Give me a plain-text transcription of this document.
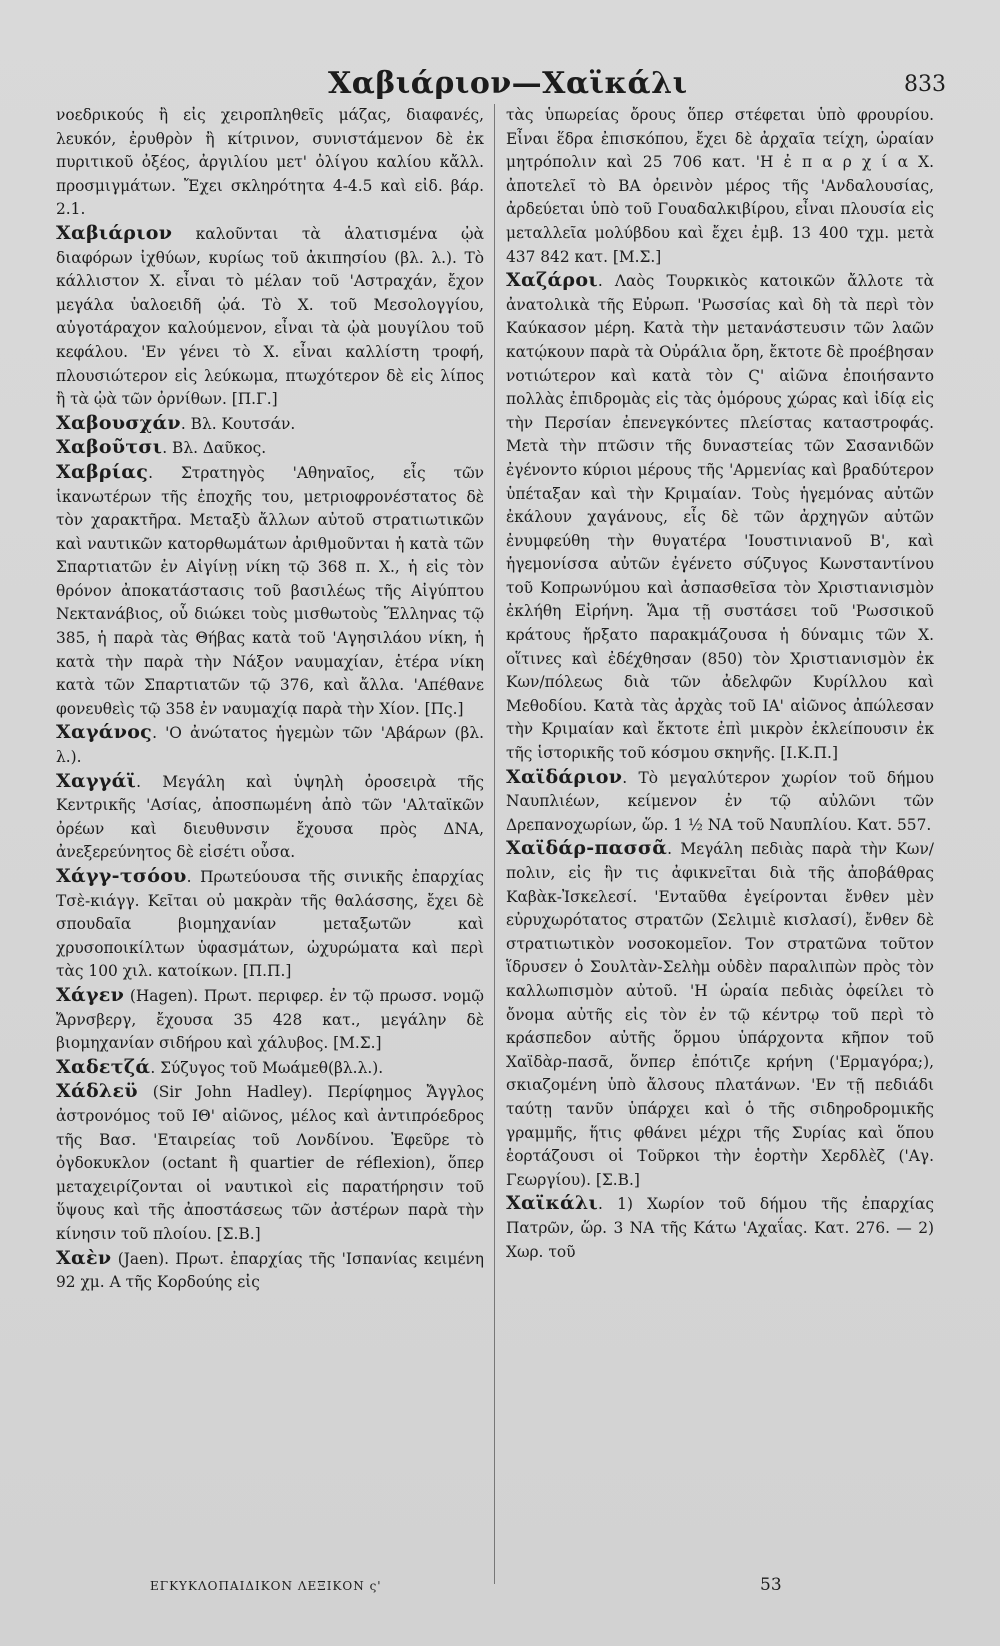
Χαβιάριον—Χαϊκάλι	833

νοεδρικούς ἢ εἰς χειροπληθεῖς μάζας, διαφανές, λευκόν, ἐρυθρὸν ἢ κίτρινον, συνιστάμενον δὲ ἐκ πυριτικοῦ ὀξέος, ἀργιλίου μετ' ὀλίγου καλίου κἄλλ. προσμιγμάτων. Ἔχει σκληρότητα 4-4.5 καὶ εἰδ. βάρ. 2.1.

Χαβιάριον καλοῦνται τὰ ἁλατισμένα ᾠὰ διαφόρων ἰχθύων, κυρίως τοῦ ἀκιπησίου (βλ. λ.). Τὸ κάλλιστον Χ. εἶναι τὸ μέλαν τοῦ 'Αστραχάν, ἔχον μεγάλα ὑαλοειδῆ ᾠά. Τὸ Χ. τοῦ Μεσολογγίου, αὐγοτάραχον καλούμενον, εἶναι τὰ ᾠὰ μουγίλου τοῦ κεφάλου. 'Εν γένει τὸ Χ. εἶναι καλλίστη τροφή, πλουσιώτερον εἰς λεύκωμα, πτωχότερον δὲ εἰς λίπος ἢ τὰ ᾠὰ τῶν ὀρνίθων. [Π.Γ.]

Χαβουσχάν. Βλ. Κουτσάν.

Χαβοῦτσι. Βλ. Δαῦκος.

Χαβρίας. Στρατηγὸς 'Αθηναῖος, εἷς τῶν ἱκανωτέρων τῆς ἐποχῆς του, μετριοφρονέστατος δὲ τὸν χαρακτῆρα. Μεταξὺ ἄλλων αὐτοῦ στρατιωτικῶν καὶ ναυτικῶν κατορθωμάτων ἀριθμοῦνται ἡ κατὰ τῶν Σπαρτιατῶν ἐν Αἰγίνῃ νίκη τῷ 368 π. Χ., ἡ εἰς τὸν θρόνον ἀποκατάστασις τοῦ βασιλέως τῆς Αἰγύπτου Νεκτανάβιος, οὗ διώκει τοὺς μισθωτοὺς Ἕλληνας τῷ 385, ἡ παρὰ τὰς Θήβας κατὰ τοῦ 'Αγησιλάου νίκη, ἡ κατὰ τὴν παρὰ τὴν Νάξον ναυμαχίαν, ἑτέρα νίκη κατὰ τῶν Σπαρτιατῶν τῷ 376, καὶ ἄλλα. 'Απέθανε φονευθεὶς τῷ 358 ἐν ναυμαχίᾳ παρὰ τὴν Χίον. [Πς.]

Χαγάνος. 'Ο ἀνώτατος ἡγεμὼν τῶν 'Αβάρων (βλ. λ.).

Χαγγάϊ. Μεγάλη καὶ ὑψηλὴ ὀροσειρὰ τῆς Κεντρικῆς 'Ασίας, ἀποσπωμένη ἀπὸ τῶν 'Αλταϊκῶν ὀρέων καὶ διευθυνσιν ἔχουσα πρὸς ΔΝΑ, ἀνεξερεύνητος δὲ εἰσέτι οὖσα.

Χάγγ-τσόου. Πρωτεύουσα τῆς σινικῆς ἐπαρχίας Τσὲ-κιάγγ. Κεῖται οὐ μακρὰν τῆς θαλάσσης, ἔχει δὲ σπουδαῖα βιομηχανίαν μεταξωτῶν καὶ χρυσοποικίλτων ὑφασμάτων, ὠχυρώματα καὶ περὶ τὰς 100 χιλ. κατοίκων. [Π.Π.]

Χάγεν (Hagen). Πρωτ. περιφερ. ἐν τῷ πρωσσ. νομῷ Ἄρνσβεργ, ἔχουσα 35 428 κατ., μεγάλην δὲ βιομηχανίαν σιδήρου καὶ χάλυβος. [Μ.Σ.]

Χαδετζά. Σύζυγος τοῦ Μωάμεθ(βλ.λ.).

Χάδλεϋ (Sir John Hadley). Περίφημος Ἄγγλος ἀστρονόμος τοῦ ΙΘ' αἰῶνος, μέλος καὶ ἀντιπρόεδρος τῆς Βασ. 'Εταιρείας τοῦ Λονδίνου. Ἐφεῦρε τὸ ὀγδοκυκλον (octant ἢ quartier de réflexion), ὅπερ μεταχειρίζονται οἱ ναυτικοὶ εἰς παρατήρησιν τοῦ ὕψους καὶ τῆς ἀποστάσεως τῶν ἀστέρων παρὰ τὴν κίνησιν τοῦ πλοίου. [Σ.Β.]

Χαὲν (Jaen). Πρωτ. ἐπαρχίας τῆς 'Ισπανίας κειμένη 92 χμ. Α τῆς Κορδούης εἰς

τὰς ὑπωρείας ὄρους ὅπερ στέφεται ὑπὸ φρουρίου. Εἶναι ἕδρα ἐπισκόπου, ἔχει δὲ ἀρχαῖα τείχη, ὡραίαν μητρόπολιν καὶ 25 706 κατ. 'Η ἐ π α ρ χ ί α Χ. ἀποτελεῖ τὸ ΒΑ ὀρεινὸν μέρος τῆς 'Ανδαλουσίας, ἀρδεύεται ὑπὸ τοῦ Γουαδαλκιβίρου, εἶναι πλουσία εἰς μεταλλεῖα μολύβδου καὶ ἔχει ἐμβ. 13 400 τχμ. μετὰ 437 842 κατ. [Μ.Σ.]

Χαζάροι. Λαὸς Τουρκικὸς κατοικῶν ἄλλοτε τὰ ἀνατολικὰ τῆς Εὐρωπ. 'Ρωσσίας καὶ δὴ τὰ περὶ τὸν Καύκασον μέρη. Κατὰ τὴν μετανάστευσιν τῶν λαῶν κατῴκουν παρὰ τὰ Οὐράλια ὄρη, ἔκτοτε δὲ προέβησαν νοτιώτερον καὶ κατὰ τὸν Ϛ' αἰῶνα ἐποιήσαντο πολλὰς ἐπιδρομὰς εἰς τὰς ὁμόρους χώρας καὶ ἰδίᾳ εἰς τὴν Περσίαν ἐπενεγκόντες πλείστας καταστροφάς. Μετὰ τὴν πτῶσιν τῆς δυναστείας τῶν Σασανιδῶν ἐγένοντο κύριοι μέρους τῆς 'Αρμενίας καὶ βραδύτερον ὑπέταξαν καὶ τὴν Κριμαίαν. Τοὺς ἡγεμόνας αὐτῶν ἐκάλουν χαγάνους, εἷς δὲ τῶν ἀρχηγῶν αὐτῶν ἐνυμφεύθη τὴν θυγατέρα 'Ιουστινιανοῦ Β', καὶ ἡγεμονίσσα αὐτῶν ἐγένετο σύζυγος Κωνσταντίνου τοῦ Κοπρωνύμου καὶ ἀσπασθεῖσα τὸν Χριστιανισμὸν ἐκλήθη Εἰρήνη. Ἅμα τῇ συστάσει τοῦ 'Ρωσσικοῦ κράτους ἤρξατο παρακμάζουσα ἡ δύναμις τῶν Χ. οἵτινες καὶ ἐδέχθησαν (850) τὸν Χριστιανισμὸν ἐκ Κων/πόλεως διὰ τῶν ἀδελφῶν Κυρίλλου καὶ Μεθοδίου. Κατὰ τὰς ἀρχὰς τοῦ ΙΑ' αἰῶνος ἀπώλεσαν τὴν Κριμαίαν καὶ ἔκτοτε ἐπὶ μικρὸν ἐκλείπουσιν ἐκ τῆς ἱστορικῆς τοῦ κόσμου σκηνῆς. [Ι.Κ.Π.]

Χαϊδάριον. Τὸ μεγαλύτερον χωρίον τοῦ δήμου Ναυπλιέων, κείμενον ἐν τῷ αὐλῶνι τῶν Δρεπανοχωρίων, ὥρ. 1 ½ ΝΑ τοῦ Ναυπλίου. Κατ. 557.

Χαϊδάρ-πασσᾶ. Μεγάλη πεδιὰς παρὰ τὴν Κων/πολιν, εἰς ἣν τις ἀφικνεῖται διὰ τῆς ἀποβάθρας Καβὰκ-Ἰσκελεσί. 'Ενταῦθα ἐγείρονται ἔνθεν μὲν εὐρυχωρότατος στρατῶν (Σελιμιὲ κισλασί), ἔνθεν δὲ στρατιωτικὸν νοσοκομεῖον. Τον στρατῶνα τοῦτον ἵδρυσεν ὁ Σουλτὰν-Σελὴμ οὐδὲν παραλιπὼν πρὸς τὸν καλλωπισμὸν αὐτοῦ. 'Η ὡραία πεδιὰς ὀφείλει τὸ ὄνομα αὐτῆς εἰς τὸν ἐν τῷ κέντρῳ τοῦ περὶ τὸ κράσπεδον αὐτῆς ὅρμου ὑπάρχοντα κῆπον τοῦ Χαϊδὰρ-πασᾶ, ὅνπερ ἐπότιζε κρήνη ('Ερμαγόρα;), σκιαζομένη ὑπὸ ἄλσους πλατάνων. 'Εν τῇ πεδιάδι ταύτῃ τανῦν ὑπάρχει καὶ ὁ τῆς σιδηροδρομικῆς γραμμῆς, ἥτις φθάνει μέχρι τῆς Συρίας καὶ ὅπου ἑορτάζουσι οἱ Τοῦρκοι τὴν ἑορτὴν Χερδλὲζ ('Αγ. Γεωργίου). [Σ.Β.]

Χαϊκάλι. 1) Χωρίον τοῦ δήμου τῆς ἐπαρχίας Πατρῶν, ὥρ. 3 ΝΑ τῆς Κάτω 'Αχαΐας. Κατ. 276. — 2) Χωρ. τοῦ

ΕΓΚΥΚΛΟΠΑΙΔΙΚΟΝ ΛΕΞΙΚΟΝ ς'	53
